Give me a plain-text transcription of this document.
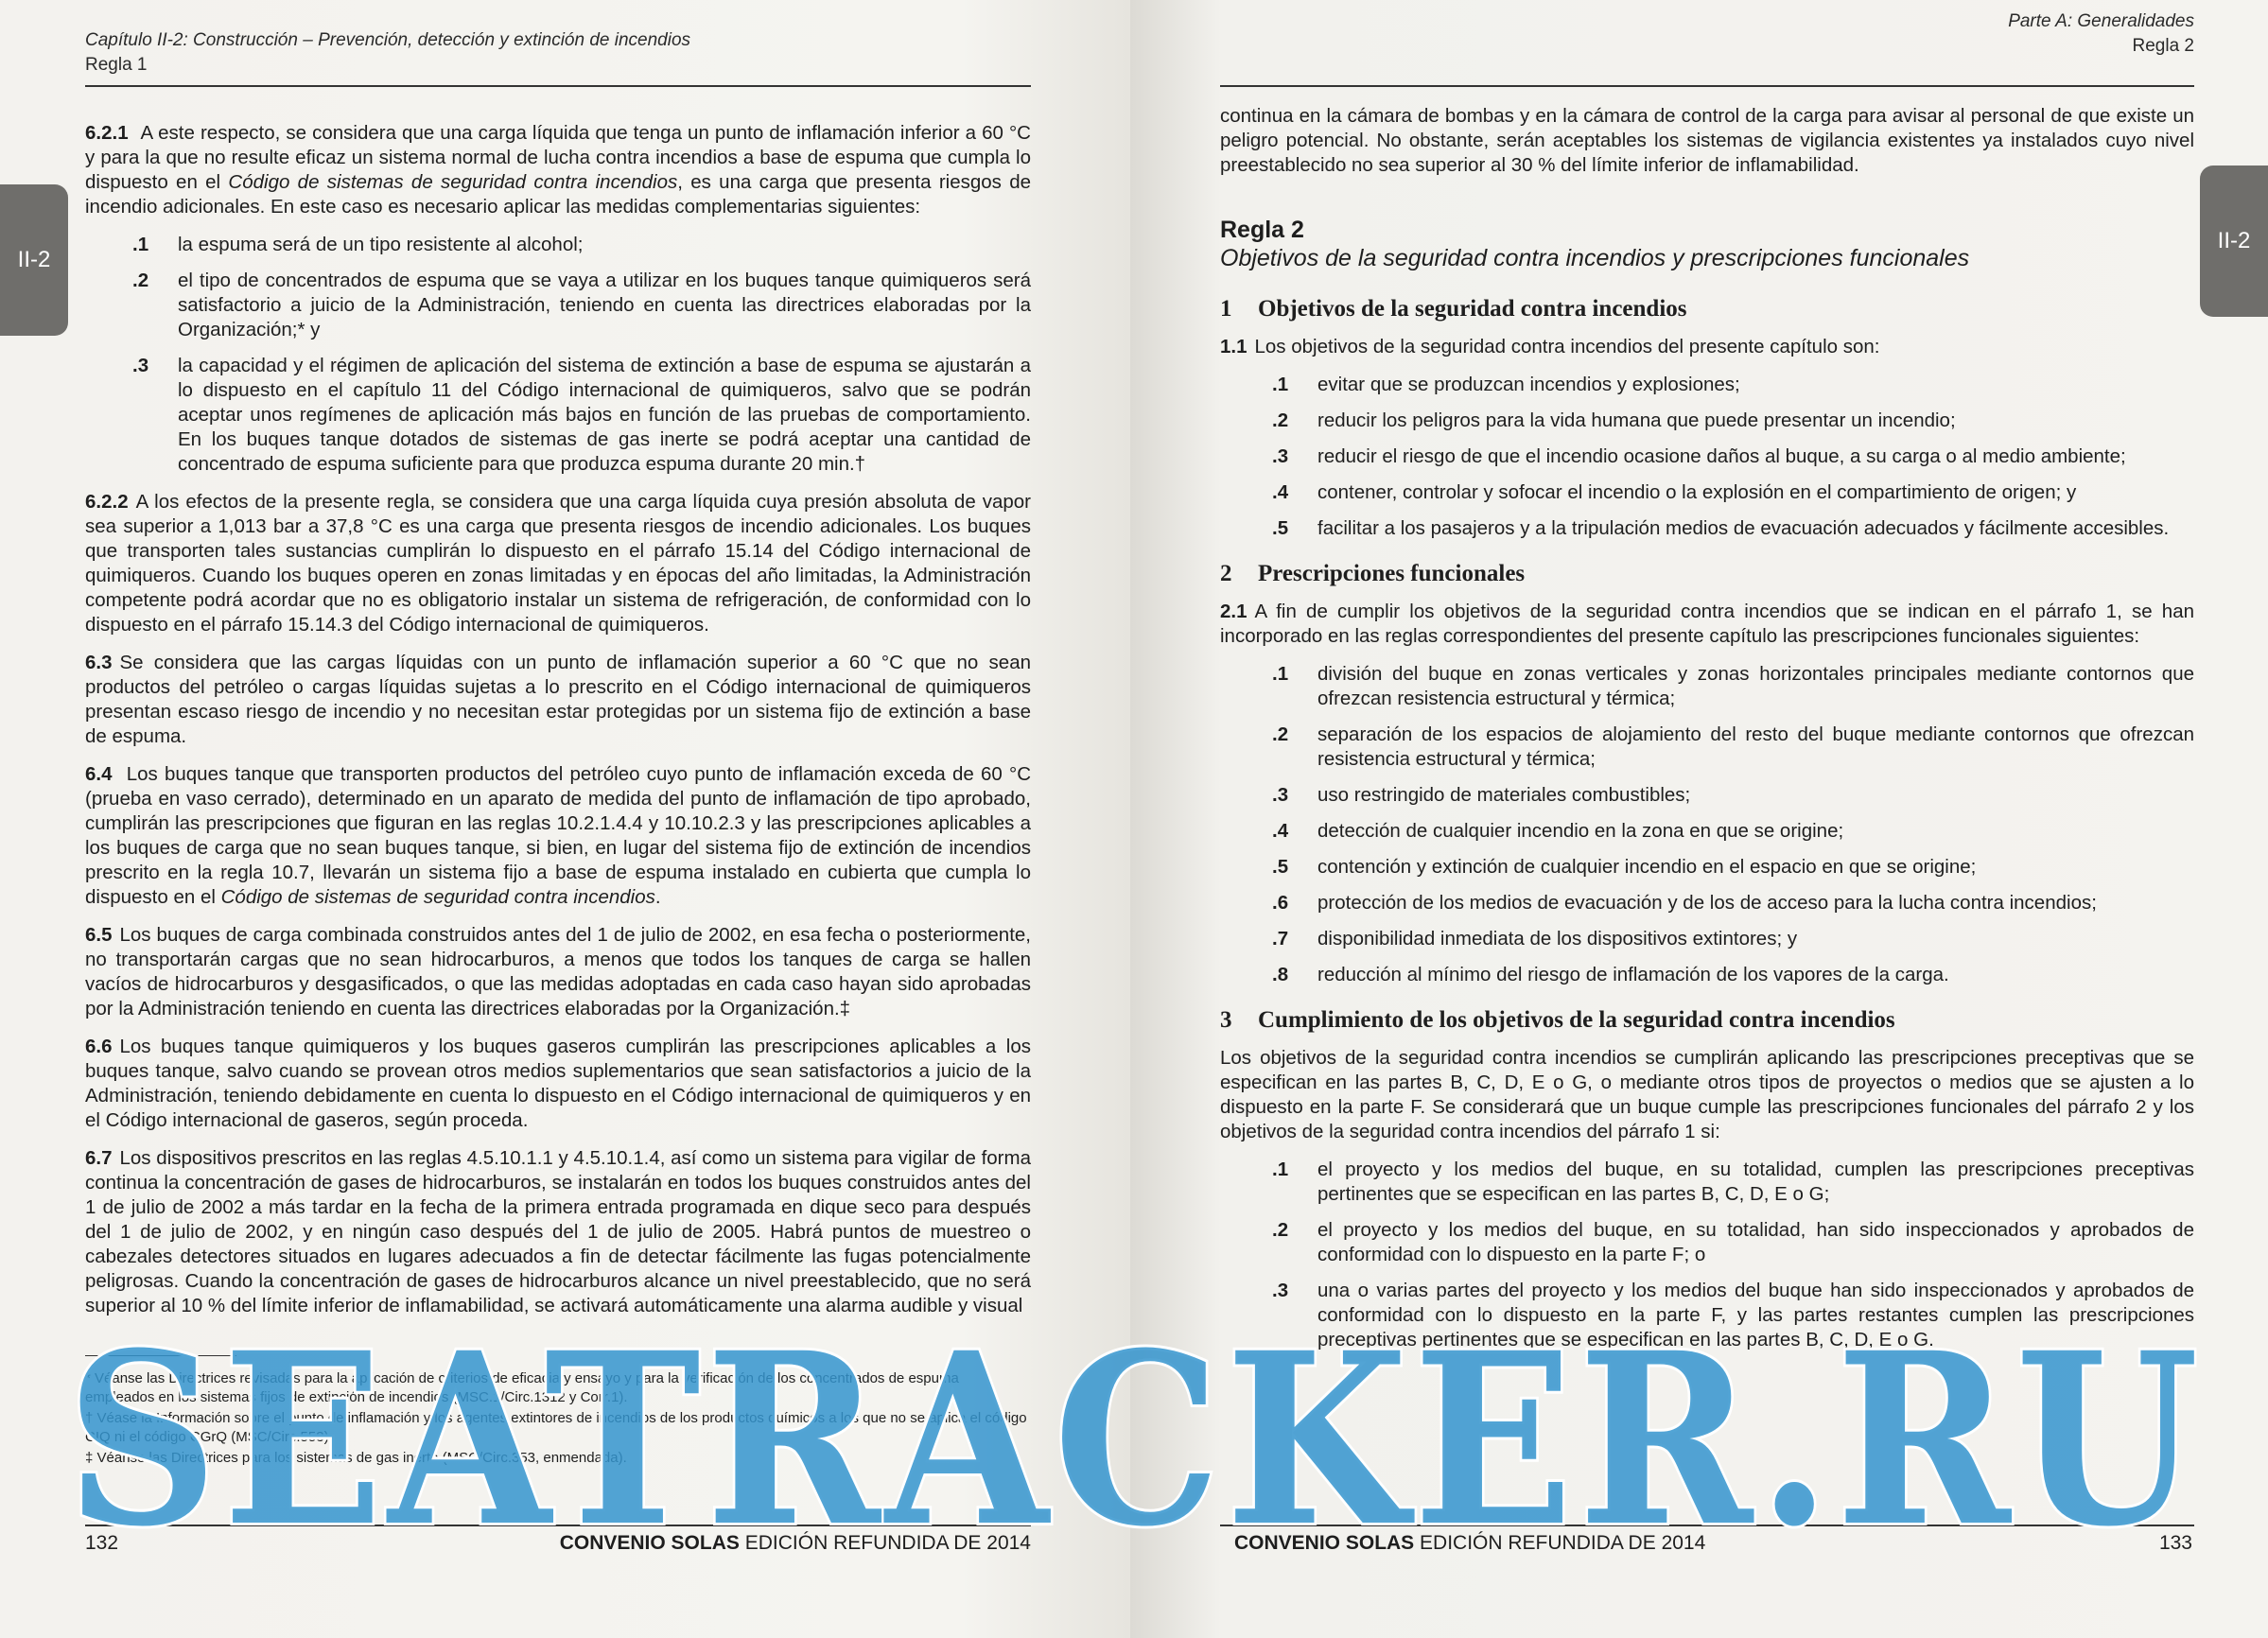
Capítulo II-2: Construcción – Prevención, detección y extinción de incendios
Regla 1
II-2

6.2.1 A este respecto, se considera que una carga líquida que tenga un punto de inflamación inferior a 60 °C y para la que no resulte eficaz un sistema normal de lucha contra incendios a base de espuma que cumpla lo dispuesto en el Código de sistemas de seguridad contra incendios, es una carga que presenta riesgos de incendio adicionales. En este caso es necesario aplicar las medidas complementarias siguientes:

.1	la espuma será de un tipo resistente al alcohol;
.2	el tipo de concentrados de espuma que se vaya a utilizar en los buques tanque quimiqueros será satisfactorio a juicio de la Administración, teniendo en cuenta las directrices elaboradas por la Organización;* y
.3	la capacidad y el régimen de aplicación del sistema de extinción a base de espuma se ajustarán a lo dispuesto en el capítulo 11 del Código internacional de quimiqueros, salvo que se podrán aceptar unos regímenes de aplicación más bajos en función de las pruebas de comportamiento. En los buques tanque dotados de sistemas de gas inerte se podrá aceptar una cantidad de concentrado de espuma suficiente para que produzca espuma durante 20 min.†

6.2.2 A los efectos de la presente regla, se considera que una carga líquida cuya presión absoluta de vapor sea superior a 1,013 bar a 37,8 °C es una carga que presenta riesgos de incendio adicionales. Los buques que transporten tales sustancias cumplirán lo dispuesto en el párrafo 15.14 del Código internacional de quimiqueros. Cuando los buques operen en zonas limitadas y en épocas del año limitadas, la Administración competente podrá acordar que no es obligatorio instalar un sistema de refrigeración, de conformidad con lo dispuesto en el párrafo 15.14.3 del Código internacional de quimiqueros.

6.3 Se considera que las cargas líquidas con un punto de inflamación superior a 60 °C que no sean productos del petróleo o cargas líquidas sujetas a lo prescrito en el Código internacional de quimiqueros presentan escaso riesgo de incendio y no necesitan estar protegidas por un sistema fijo de extinción a base de espuma.

6.4 Los buques tanque que transporten productos del petróleo cuyo punto de inflamación exceda de 60 °C (prueba en vaso cerrado), determinado en un aparato de medida del punto de inflamación de tipo aprobado, cumplirán las prescripciones que figuran en las reglas 10.2.1.4.4 y 10.10.2.3 y las prescripciones aplicables a los buques de carga que no sean buques tanque, si bien, en lugar del sistema fijo de extinción de incendios prescrito en la regla 10.7, llevarán un sistema fijo a base de espuma instalado en cubierta que cumpla lo dispuesto en el Código de sistemas de seguridad contra incendios.

6.5 Los buques de carga combinada construidos antes del 1 de julio de 2002, en esa fecha o posteriormente, no transportarán cargas que no sean hidrocarburos, a menos que todos los tanques de carga se hallen vacíos de hidrocarburos y desgasificados, o que las medidas adoptadas en cada caso hayan sido aprobadas por la Administración teniendo en cuenta las directrices elaboradas por la Organización.‡

6.6 Los buques tanque quimiqueros y los buques gaseros cumplirán las prescripciones aplicables a los buques tanque, salvo cuando se provean otros medios suplementarios que sean satisfactorios a juicio de la Administración, teniendo debidamente en cuenta lo dispuesto en el Código internacional de quimiqueros y en el Código internacional de gaseros, según proceda.

6.7 Los dispositivos prescritos en las reglas 4.5.10.1.1 y 4.5.10.1.4, así como un sistema para vigilar de forma continua la concentración de gases de hidrocarburos, se instalarán en todos los buques construidos antes del 1 de julio de 2002 a más tardar en la fecha de la primera entrada programada en dique seco para después del 1 de julio de 2002, y en ningún caso después del 1 de julio de 2005. Habrá puntos de muestreo o cabezales detectores situados en lugares adecuados a fin de detectar fácilmente las fugas potencialmente peligrosas. Cuando la concentración de gases de hidrocarburos alcance un nivel preestablecido, que no será superior al 10 % del límite inferior de inflamabilidad, se activará automáticamente una alarma audible y visual

* Véanse las Directrices revisadas para la aplicación de criterios de eficacia y ensayo y para la verificación de los concentrados de espuma empleados en los sistemas fijos de extinción de incendios (MSC.1/Circ.1312 y Corr.1).
† Véase la Información sobre el punto de inflamación y los agentes extintores de incendios de los productos químicos a los que no se aplica el código CIQ ni el código CGrQ (MSC/Circ.553).
‡ Véanse las Directrices para los sistemas de gas inerte (MSC/Circ.353, enmendada).
132	CONVENIO SOLAS EDICIÓN REFUNDIDA DE 2014
Parte A: Generalidades
Regla 2
II-2

continua en la cámara de bombas y en la cámara de control de la carga para avisar al personal de que existe un peligro potencial. No obstante, serán aceptables los sistemas de vigilancia existentes ya instalados cuyo nivel preestablecido no sea superior al 30 % del límite inferior de inflamabilidad.

Regla 2
Objetivos de la seguridad contra incendios y prescripciones funcionales
1 Objetivos de la seguridad contra incendios

1.1 Los objetivos de la seguridad contra incendios del presente capítulo son:

.1	evitar que se produzcan incendios y explosiones;
.2	reducir los peligros para la vida humana que puede presentar un incendio;
.3	reducir el riesgo de que el incendio ocasione daños al buque, a su carga o al medio ambiente;
.4	contener, controlar y sofocar el incendio o la explosión en el compartimiento de origen; y
.5	facilitar a los pasajeros y a la tripulación medios de evacuación adecuados y fácilmente accesibles.
2 Prescripciones funcionales

2.1 A fin de cumplir los objetivos de la seguridad contra incendios que se indican en el párrafo 1, se han incorporado en las reglas correspondientes del presente capítulo las prescripciones funcionales siguientes:

.1	división del buque en zonas verticales y zonas horizontales principales mediante contornos que ofrezcan resistencia estructural y térmica;
.2	separación de los espacios de alojamiento del resto del buque mediante contornos que ofrezcan resistencia estructural y térmica;
.3	uso restringido de materiales combustibles;
.4	detección de cualquier incendio en la zona en que se origine;
.5	contención y extinción de cualquier incendio en el espacio en que se origine;
.6	protección de los medios de evacuación y de los de acceso para la lucha contra incendios;
.7	disponibilidad inmediata de los dispositivos extintores; y
.8	reducción al mínimo del riesgo de inflamación de los vapores de la carga.
3 Cumplimiento de los objetivos de la seguridad contra incendios

Los objetivos de la seguridad contra incendios se cumplirán aplicando las prescripciones preceptivas que se especifican en las partes B, C, D, E o G, o mediante otros tipos de proyectos o medios que se ajusten a lo dispuesto en la parte F. Se considerará que un buque cumple las prescripciones funcionales del párrafo 2 y los objetivos de la seguridad contra incendios del párrafo 1 si:

.1	el proyecto y los medios del buque, en su totalidad, cumplen las prescripciones preceptivas pertinentes que se especifican en las partes B, C, D, E o G;
.2	el proyecto y los medios del buque, en su totalidad, han sido inspeccionados y aprobados de conformidad con lo dispuesto en la parte F; o
.3	una o varias partes del proyecto y los medios del buque han sido inspeccionados y aprobados de conformidad con lo dispuesto en la parte F, y las partes restantes cumplen las prescripciones preceptivas pertinentes que se especifican en las partes B, C, D, E o G.
CONVENIO SOLAS EDICIÓN REFUNDIDA DE 2014	133
SEATRACKER.RU
